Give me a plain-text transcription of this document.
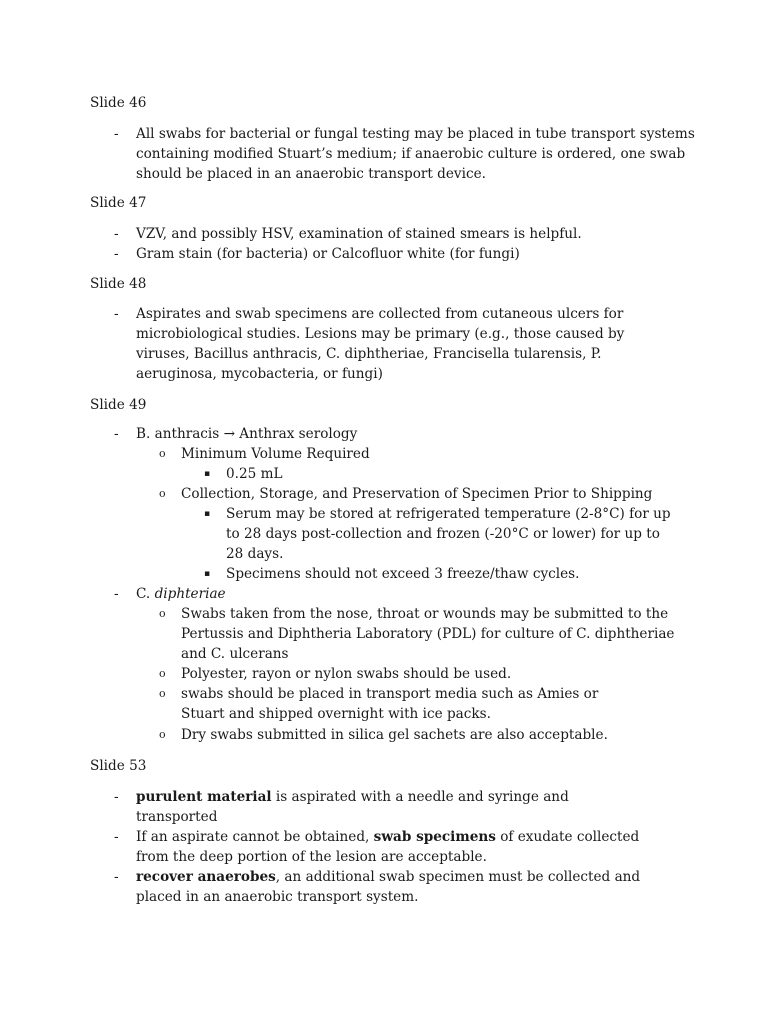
Slide 46
- All swabs for bacterial or fungal testing may be placed in tube transport systems containing modified Stuart’s medium; if anaerobic culture is ordered, one swab should be placed in an anaerobic transport device.
Slide 47
- VZV, and possibly HSV, examination of stained smears is helpful.
- Gram stain (for bacteria) or Calcofluor white (for fungi)
Slide 48
- Aspirates and swab specimens are collected from cutaneous ulcers for microbiological studies. Lesions may be primary (e.g., those caused by viruses, Bacillus anthracis, C. diphtheriae, Francisella tularensis, P. aeruginosa, mycobacteria, or fungi)
Slide 49
- B. anthracis → Anthrax serology
o Minimum Volume Required
▪ 0.25 mL
o Collection, Storage, and Preservation of Specimen Prior to Shipping
▪ Serum may be stored at refrigerated temperature (2-8°C) for up to 28 days post-collection and frozen (-20°C or lower) for up to 28 days.
▪ Specimens should not exceed 3 freeze/thaw cycles.
- C. diphteriae
o Swabs taken from the nose, throat or wounds may be submitted to the Pertussis and Diphtheria Laboratory (PDL) for culture of C. diphtheriae and C. ulcerans
o Polyester, rayon or nylon swabs should be used.
o swabs should be placed in transport media such as Amies or Stuart and shipped overnight with ice packs.
o Dry swabs submitted in silica gel sachets are also acceptable.
Slide 53
- purulent material is aspirated with a needle and syringe and transported
- If an aspirate cannot be obtained, swab specimens of exudate collected from the deep portion of the lesion are acceptable.
- recover anaerobes, an additional swab specimen must be collected and placed in an anaerobic transport system.
